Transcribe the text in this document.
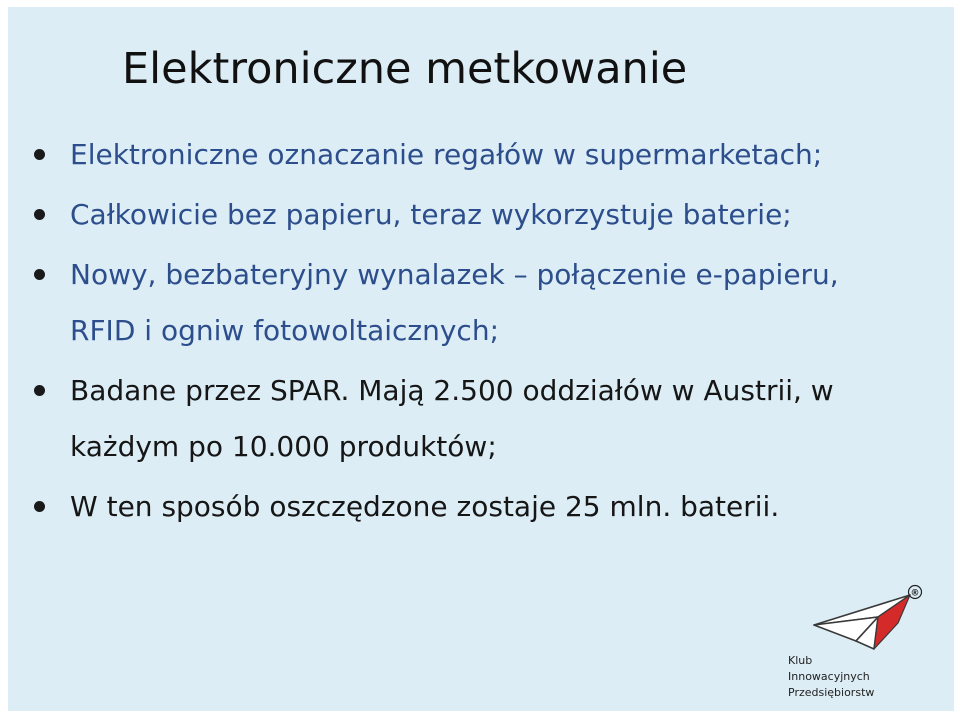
Elektroniczne metkowanie
Elektroniczne oznaczanie regałów w supermarketach;
Całkowicie bez papieru, teraz wykorzystuje baterie;
Nowy, bezbateryjny wynalazek – połączenie e-papieru, RFID i ogniw fotowoltaicznych;
Badane przez SPAR. Mają 2.500 oddziałów w Austrii, w każdym po 10.000 produktów;
W ten sposób oszczędzone zostaje 25 mln. baterii.
®
Klub
Innowacyjnych
Przedsiębiorstw
